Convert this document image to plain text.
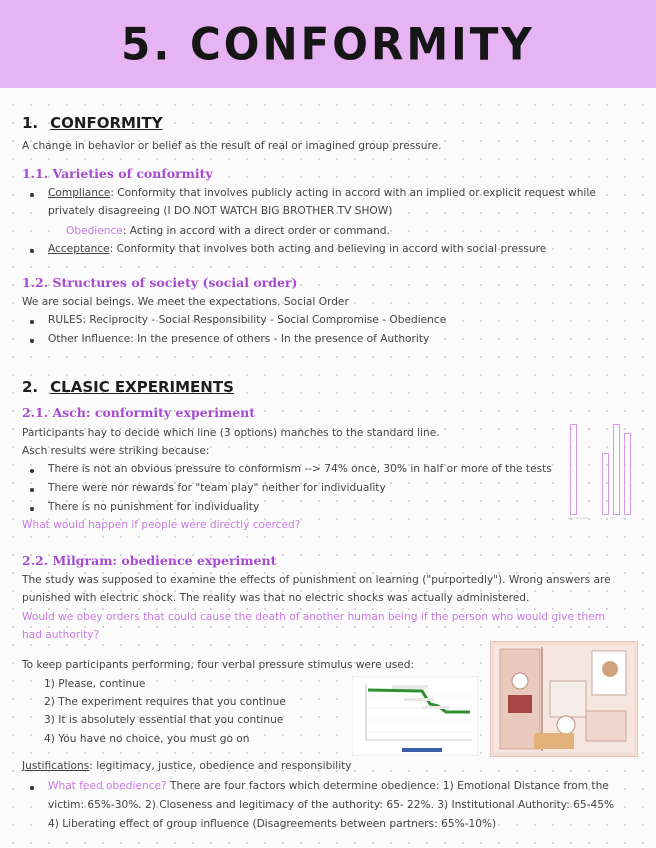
5. CONFORMITY
1. CONFORMITY
A change in behavior or belief as the result of real or imagined group pressure.
1.1. Varieties of conformity
Compliance: Conformity that involves publicly acting in accord with an implied or explicit request while
privately disagreeing (I DO NOT WATCH BIG BROTHER TV SHOW)
Obedience: Acting in accord with a direct order or command.
Acceptance: Conformity that involves both acting and believing in accord with social pressure
1.2. Structures of society (social order)
We are social beings. We meet the expectations. Social Order
RULES: Reciprocity - Social Responsibility - Social Compromise - Obedience
Other Influence: In the presence of others - In the presence of Authority
2. CLASIC EXPERIMENTS
2.1. Asch: conformity experiment
Participants hay to decide which line (3 options) manches to the standard line.
Asch results were striking because:
There is not an obvious pressure to conformism --> 74% once, 30% in half or more of the tests
There were nor rewards for "team play" neither for individuality
There is no punishment for individuality
What would happen if people were directly coerced?
Standard line	A	B	C
2.2. Milgram: obedience experiment
The study was supposed to examine the effects of punishment on learning ("purportedly"). Wrong answers are
punished with electric shock. The reality was that no electric shocks was actually administered.
Would we obey orders that could cause the death of another human being if the person who would give them
had authority?
To keep participants performing, four verbal pressure stimulus were used:
1) Please, continue
2) The experiment requires that you continue
3) It is absolutely essential that you continue
4) You have no choice, you must go on
Justifications: legitimacy, justice, obedience and responsibility
What feed obedience? There are four factors which determine obedience: 1) Emotional Distance from the
victim: 65%-30%. 2) Closeness and legitimacy of the authority: 65- 22%. 3) Institutional Authority: 65-45%
4) Liberating effect of group influence (Disagreements between partners: 65%-10%)
